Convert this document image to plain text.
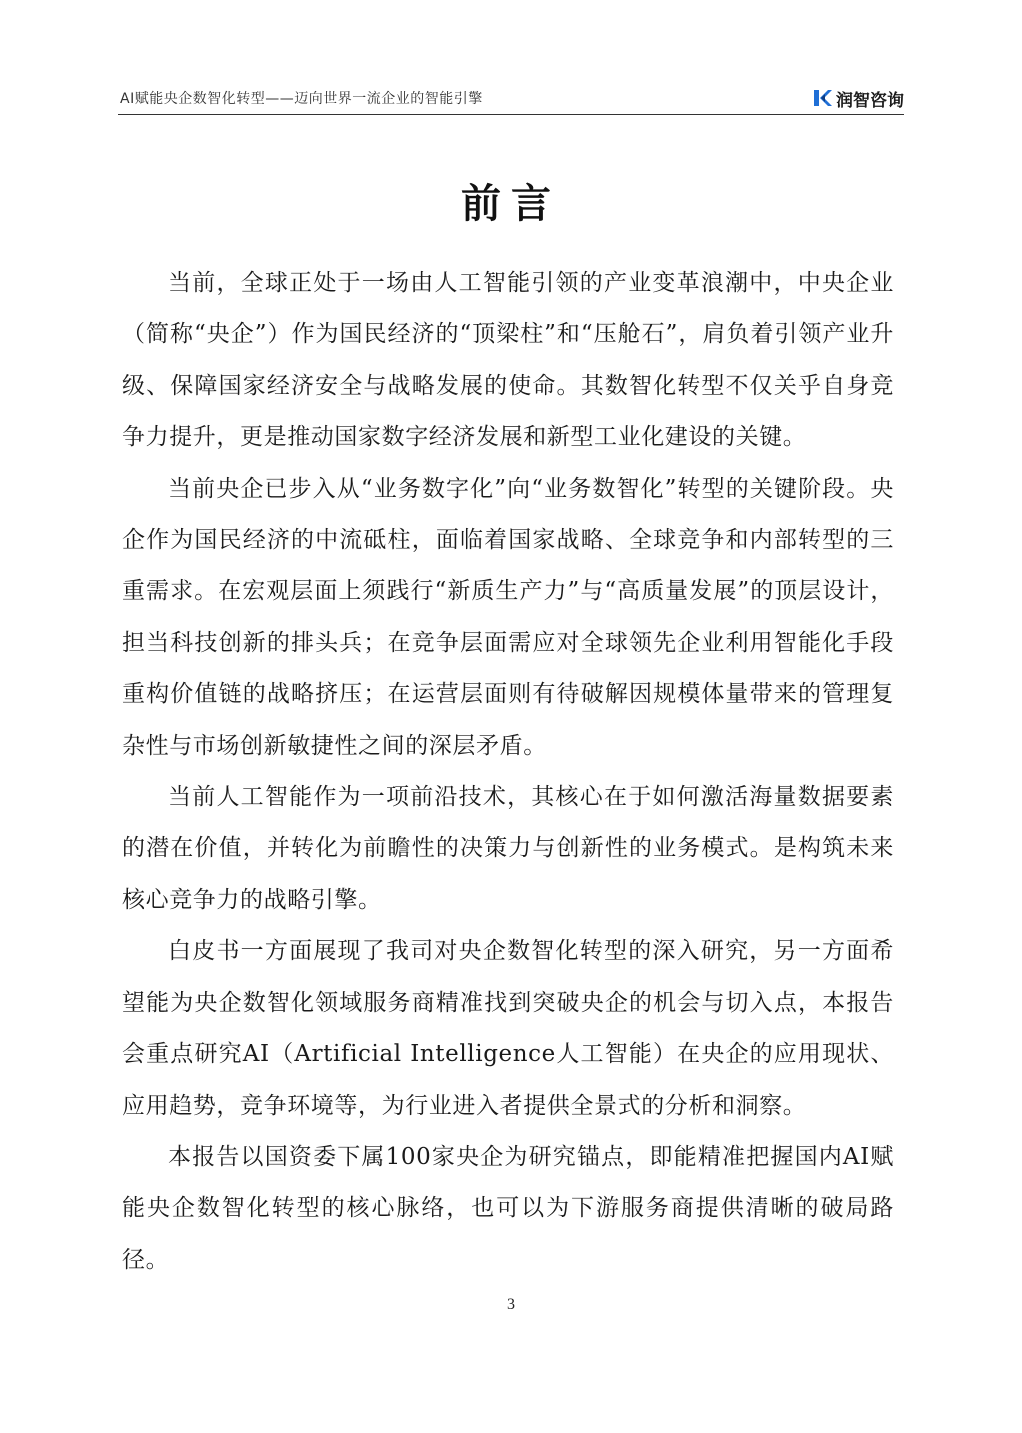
AI赋能央企数智化转型——迈向世界一流企业的智能引擎	润智咨询
前言

当前，全球正处于一场由人工智能引领的产业变革浪潮中，中央企业（简称“央企”）作为国民经济的“顶梁柱”和“压舱石”，肩负着引领产业升级、保障国家经济安全与战略发展的使命。其数智化转型不仅关乎自身竞争力提升，更是推动国家数字经济发展和新型工业化建设的关键。

当前央企已步入从“业务数字化”向“业务数智化”转型的关键阶段。央企作为国民经济的中流砥柱，面临着国家战略、全球竞争和内部转型的三重需求。在宏观层面上须践行“新质生产力”与“高质量发展”的顶层设计，担当科技创新的排头兵；在竞争层面需应对全球领先企业利用智能化手段重构价值链的战略挤压；在运营层面则有待破解因规模体量带来的管理复杂性与市场创新敏捷性之间的深层矛盾。

当前人工智能作为一项前沿技术，其核心在于如何激活海量数据要素的潜在价值，并转化为前瞻性的决策力与创新性的业务模式。是构筑未来核心竞争力的战略引擎。

白皮书一方面展现了我司对央企数智化转型的深入研究，另一方面希望能为央企数智化领域服务商精准找到突破央企的机会与切入点，本报告会重点研究AI（Artificial Intelligence人工智能）在央企的应用现状、应用趋势，竞争环境等，为行业进入者提供全景式的分析和洞察。

本报告以国资委下属100家央企为研究锚点，即能精准把握国内AI赋能央企数智化转型的核心脉络，也可以为下游服务商提供清晰的破局路径。

3
